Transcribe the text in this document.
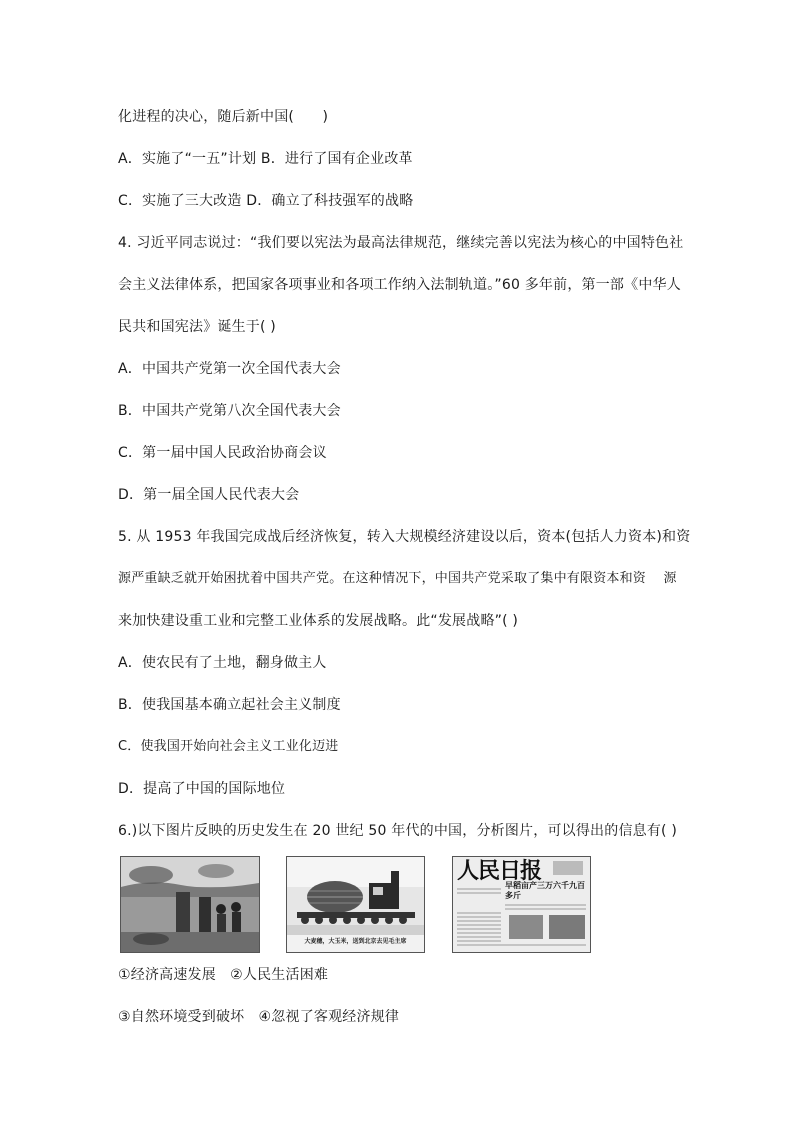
化进程的决心，随后新中国(　　)
A．实施了“一五”计划 B．进行了国有企业改革
C．实施了三大改造 D．确立了科技强军的战略
4. 习近平同志说过：“我们要以宪法为最高法律规范，继续完善以宪法为核心的中国特色社
会主义法律体系，把国家各项事业和各项工作纳入法制轨道。”60 多年前，第一部《中华人
民共和国宪法》诞生于( )
A．中国共产党第一次全国代表大会
B．中国共产党第八次全国代表大会
C．第一届中国人民政治协商会议
D．第一届全国人民代表大会
5. 从 1953 年我国完成战后经济恢复，转入大规模经济建设以后，资本(包括人力资本)和资
源严重缺乏就开始困扰着中国共产党。在这种情况下，中国共产党采取了集中有限资本和资　 源
来加快建设重工业和完整工业体系的发展战略。此“发展战略”( )
A．使农民有了土地，翻身做主人
B．使我国基本确立起社会主义制度
C．使我国开始向社会主义工业化迈进
D．提高了中国的国际地位
6.)以下图片反映的历史发生在 20 世纪 50 年代的中国，分析图片，可以得出的信息有( )
大麦穗，大玉米，送到北京去见毛主席
人民日报
早稻亩产三万六千九百多斤
①经济高速发展　②人民生活困难
③自然环境受到破坏　④忽视了客观经济规律
